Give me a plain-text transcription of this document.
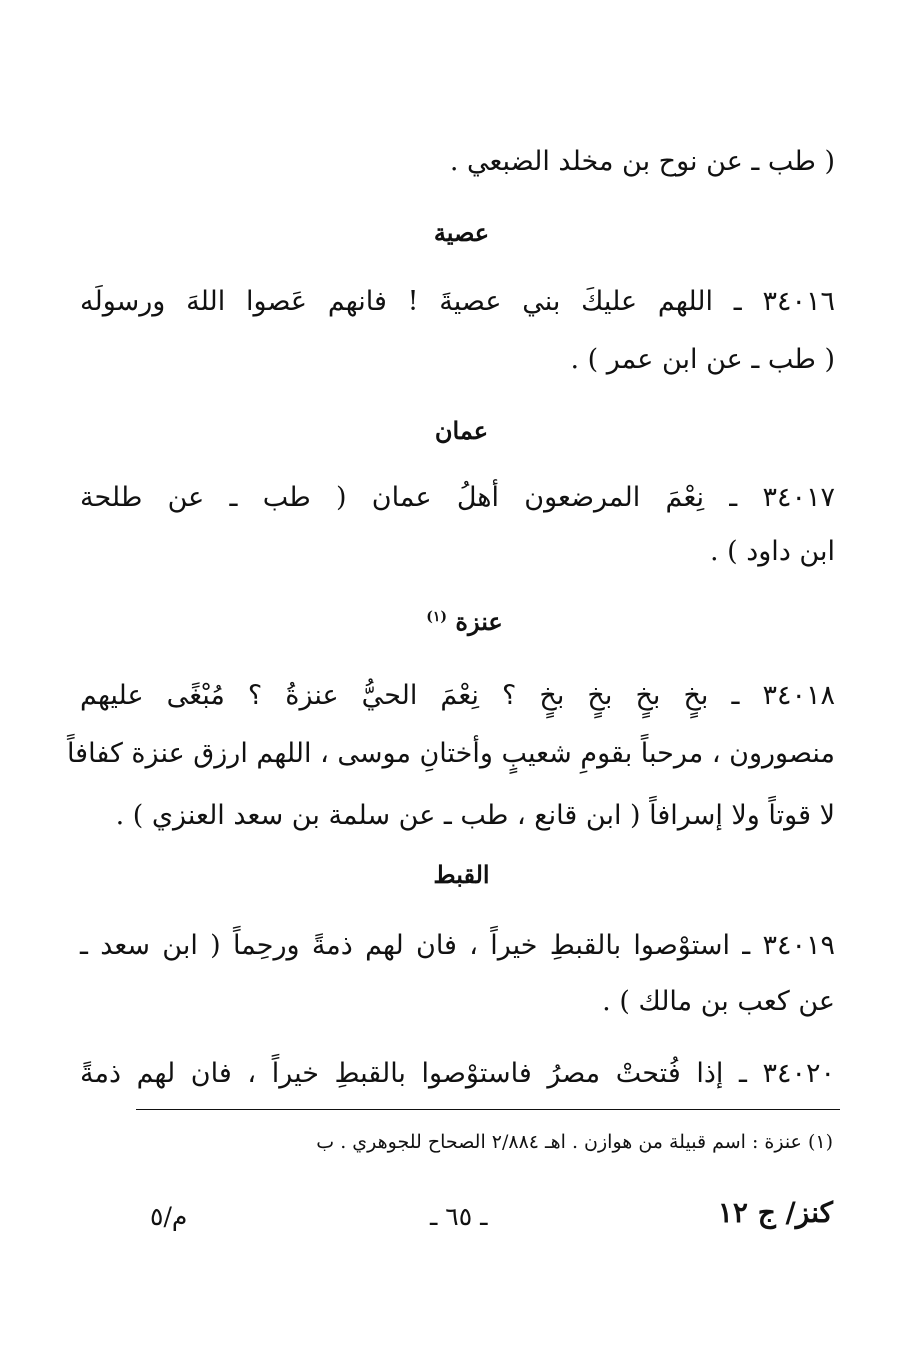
( طب ـ عن نوح بن مخلد الضبعي .
عصية
٣٤٠١٦ ـ اللهم عليكَ بني عصيةَ ! فانهم عَصوا اللهَ ورسولَه
( طب ـ عن ابن عمر ) .
عمان
٣٤٠١٧ ـ نِعْمَ المرضعون أهلُ عمان ( طب ـ عن طلحة
ابن داود ) .
عنزة $^{(١)}$
٣٤٠١٨ ـ بخٍ بخٍ بخٍ بخٍ ؟ نِعْمَ الحيُّ عنزةُ ؟ مُبْغًى عليهم
منصورون ، مرحباً بقومِ شعيبٍ وأختانِ موسى ، اللهم ارزق عنزة كفافاً
لا قوتاً ولا إسرافاً ( ابن قانع ، طب ـ عن سلمة بن سعد العنزي ) .
القبط
٣٤٠١٩ ـ استوْصوا بالقبطِ خيراً ، فان لهم ذمةً ورحِماً ( ابن سعد ـ
عن كعب بن مالك ) .
٣٤٠٢٠ ـ إذا فُتحتْ مصرُ فاستوْصوا بالقبطِ خيراً ، فان لهم ذمةً
(١) عنزة : اسم قبيلة من هوازن . اهـ ٢/٨٨٤ الصحاح للجوهري . ب
م/٥	ـ ٦٥ ـ	كنز/ ج ١٢
